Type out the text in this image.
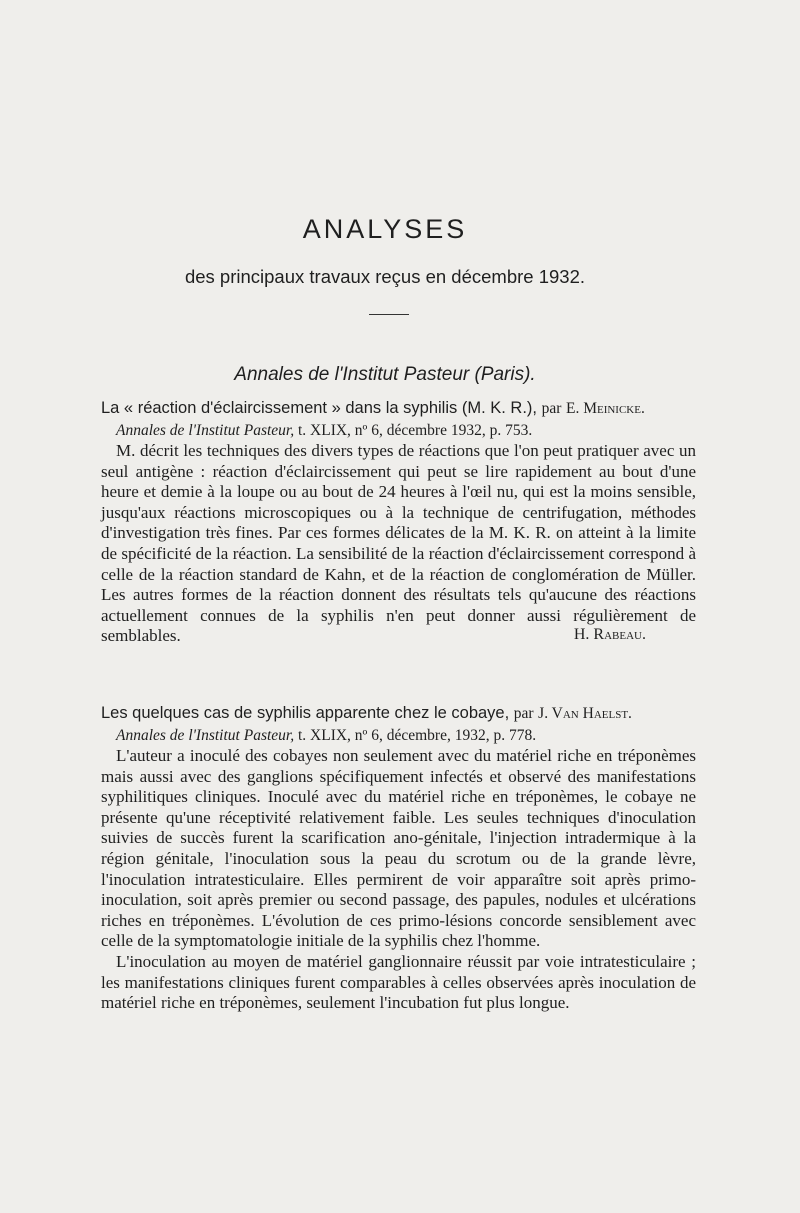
ANALYSES
des principaux travaux reçus en décembre 1932.
Annales de l'Institut Pasteur (Paris).
La « réaction d'éclaircissement » dans la syphilis (M. K. R.), par E. Meinicke.
Annales de l'Institut Pasteur, t. XLIX, nº 6, décembre 1932, p. 753.

M. décrit les techniques des divers types de réactions que l'on peut pratiquer avec un seul antigène : réaction d'éclaircissement qui peut se lire rapidement au bout d'une heure et demie à la loupe ou au bout de 24 heures à l'œil nu, qui est la moins sensible, jusqu'aux réactions microscopiques ou à la technique de centrifugation, méthodes d'investigation très fines. Par ces formes délicates de la M. K. R. on atteint à la limite de spécificité de la réaction. La sensibilité de la réaction d'éclaircissement correspond à celle de la réaction standard de Kahn, et de la réaction de conglomération de Müller. Les autres formes de la réaction donnent des résultats tels qu'aucune des réactions actuellement connues de la syphilis n'en peut donner aussi régulièrement de semblables.	H. Rabeau.
Les quelques cas de syphilis apparente chez le cobaye, par J. Van Haelst.
Annales de l'Institut Pasteur, t. XLIX, nº 6, décembre, 1932, p. 778.

L'auteur a inoculé des cobayes non seulement avec du matériel riche en tréponèmes mais aussi avec des ganglions spécifiquement infectés et observé des manifestations syphilitiques cliniques. Inoculé avec du matériel riche en tréponèmes, le cobaye ne présente qu'une réceptivité relativement faible. Les seules techniques d'inoculation suivies de succès furent la scarification ano-génitale, l'injection intradermique à la région génitale, l'inoculation sous la peau du scrotum ou de la grande lèvre, l'inoculation intratesticulaire. Elles permirent de voir apparaître soit après primo-inoculation, soit après premier ou second passage, des papules, nodules et ulcérations riches en tréponèmes. L'évolution de ces primo-lésions concorde sensiblement avec celle de la symptomatologie initiale de la syphilis chez l'homme.

L'inoculation au moyen de matériel ganglionnaire réussit par voie intratesticulaire ; les manifestations cliniques furent comparables à celles observées après inoculation de matériel riche en tréponèmes, seulement l'incubation fut plus longue.
